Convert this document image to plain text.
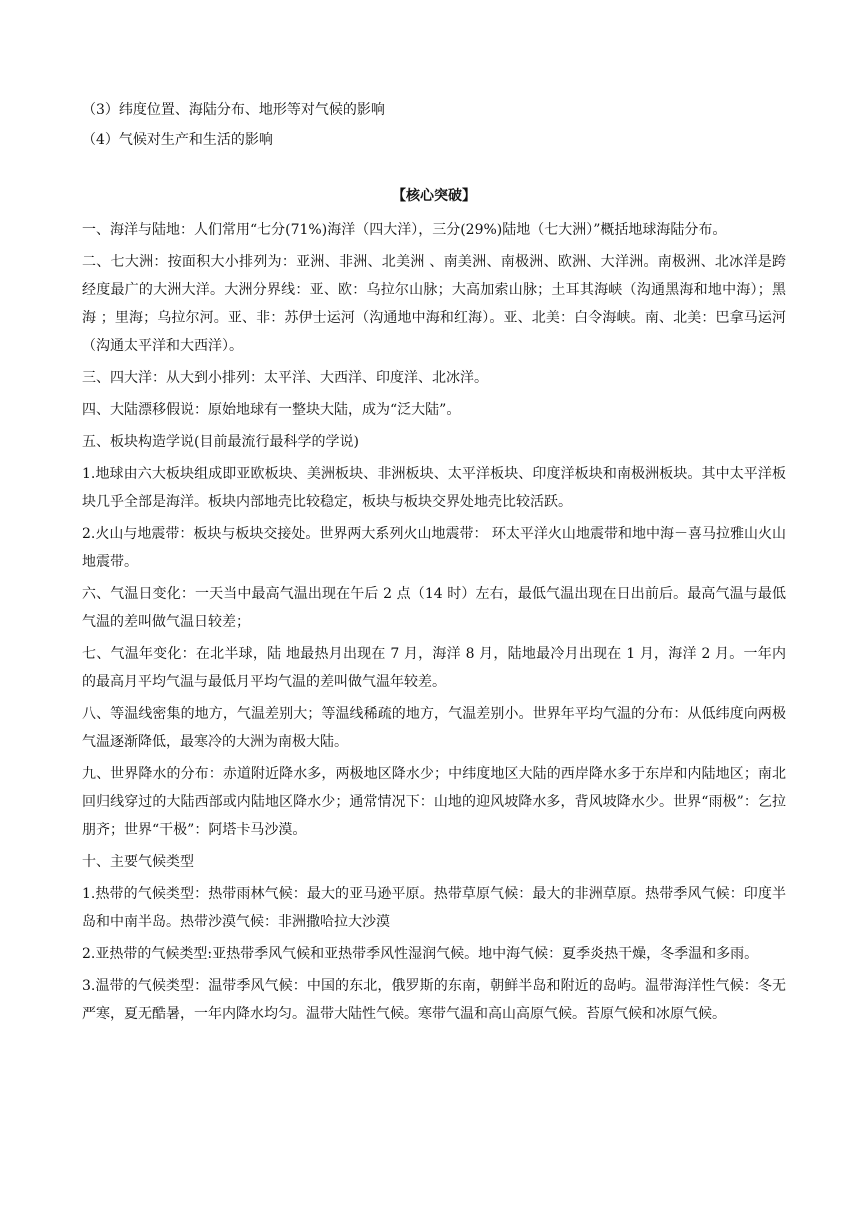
（3）纬度位置、海陆分布、地形等对气候的影响

（4）气候对生产和生活的影响

【核心突破】

一、海洋与陆地：人们常用“七分(71%)海洋（四大洋），三分(29%)陆地（七大洲）”概括地球海陆分布。

二、七大洲：按面积大小排列为：亚洲、非洲、北美洲 、南美洲、南极洲、欧洲、大洋洲。南极洲、北冰洋是跨经度最广的大洲大洋。大洲分界线：亚、欧：乌拉尔山脉；大高加索山脉；土耳其海峡（沟通黑海和地中海）；黑海 ；里海；乌拉尔河。亚、非：苏伊士运河（沟通地中海和红海）。亚、北美：白令海峡。南、北美：巴拿马运河（沟通太平洋和大西洋）。

三、四大洋：从大到小排列：太平洋、大西洋、印度洋、北冰洋。

四、大陆漂移假说：原始地球有一整块大陆，成为“泛大陆”。

五、板块构造学说(目前最流行最科学的学说)

1.地球由六大板块组成即亚欧板块、美洲板块、非洲板块、太平洋板块、印度洋板块和南极洲板块。其中太平洋板块几乎全部是海洋。板块内部地壳比较稳定，板块与板块交界处地壳比较活跃。

2.火山与地震带：板块与板块交接处。世界两大系列火山地震带： 环太平洋火山地震带和地中海－喜马拉雅山火山地震带。

六、气温日变化：一天当中最高气温出现在午后 2 点（14 时）左右，最低气温出现在日出前后。最高气温与最低气温的差叫做气温日较差；

七、气温年变化：在北半球，陆 地最热月出现在 7 月，海洋 8 月，陆地最冷月出现在 1 月，海洋 2 月。一年内的最高月平均气温与最低月平均气温的差叫做气温年较差。

八、等温线密集的地方，气温差别大；等温线稀疏的地方，气温差别小。世界年平均气温的分布：从低纬度向两极气温逐渐降低，最寒冷的大洲为南极大陆。

九、世界降水的分布：赤道附近降水多，两极地区降水少；中纬度地区大陆的西岸降水多于东岸和内陆地区；南北回归线穿过的大陆西部或内陆地区降水少；通常情况下：山地的迎风坡降水多，背风坡降水少。世界“雨极”：乞拉朋齐；世界“干极”：阿塔卡马沙漠。

十、主要气候类型

1.热带的气候类型：热带雨林气候：最大的亚马逊平原。热带草原气候：最大的非洲草原。热带季风气候：印度半岛和中南半岛。热带沙漠气候：非洲撒哈拉大沙漠

2.亚热带的气候类型:亚热带季风气候和亚热带季风性湿润气候。地中海气候：夏季炎热干燥，冬季温和多雨。

3.温带的气候类型：温带季风气候：中国的东北，俄罗斯的东南，朝鲜半岛和附近的岛屿。温带海洋性气候：冬无严寒，夏无酷暑，一年内降水均匀。温带大陆性气候。寒带气温和高山高原气候。苔原气候和冰原气候。
